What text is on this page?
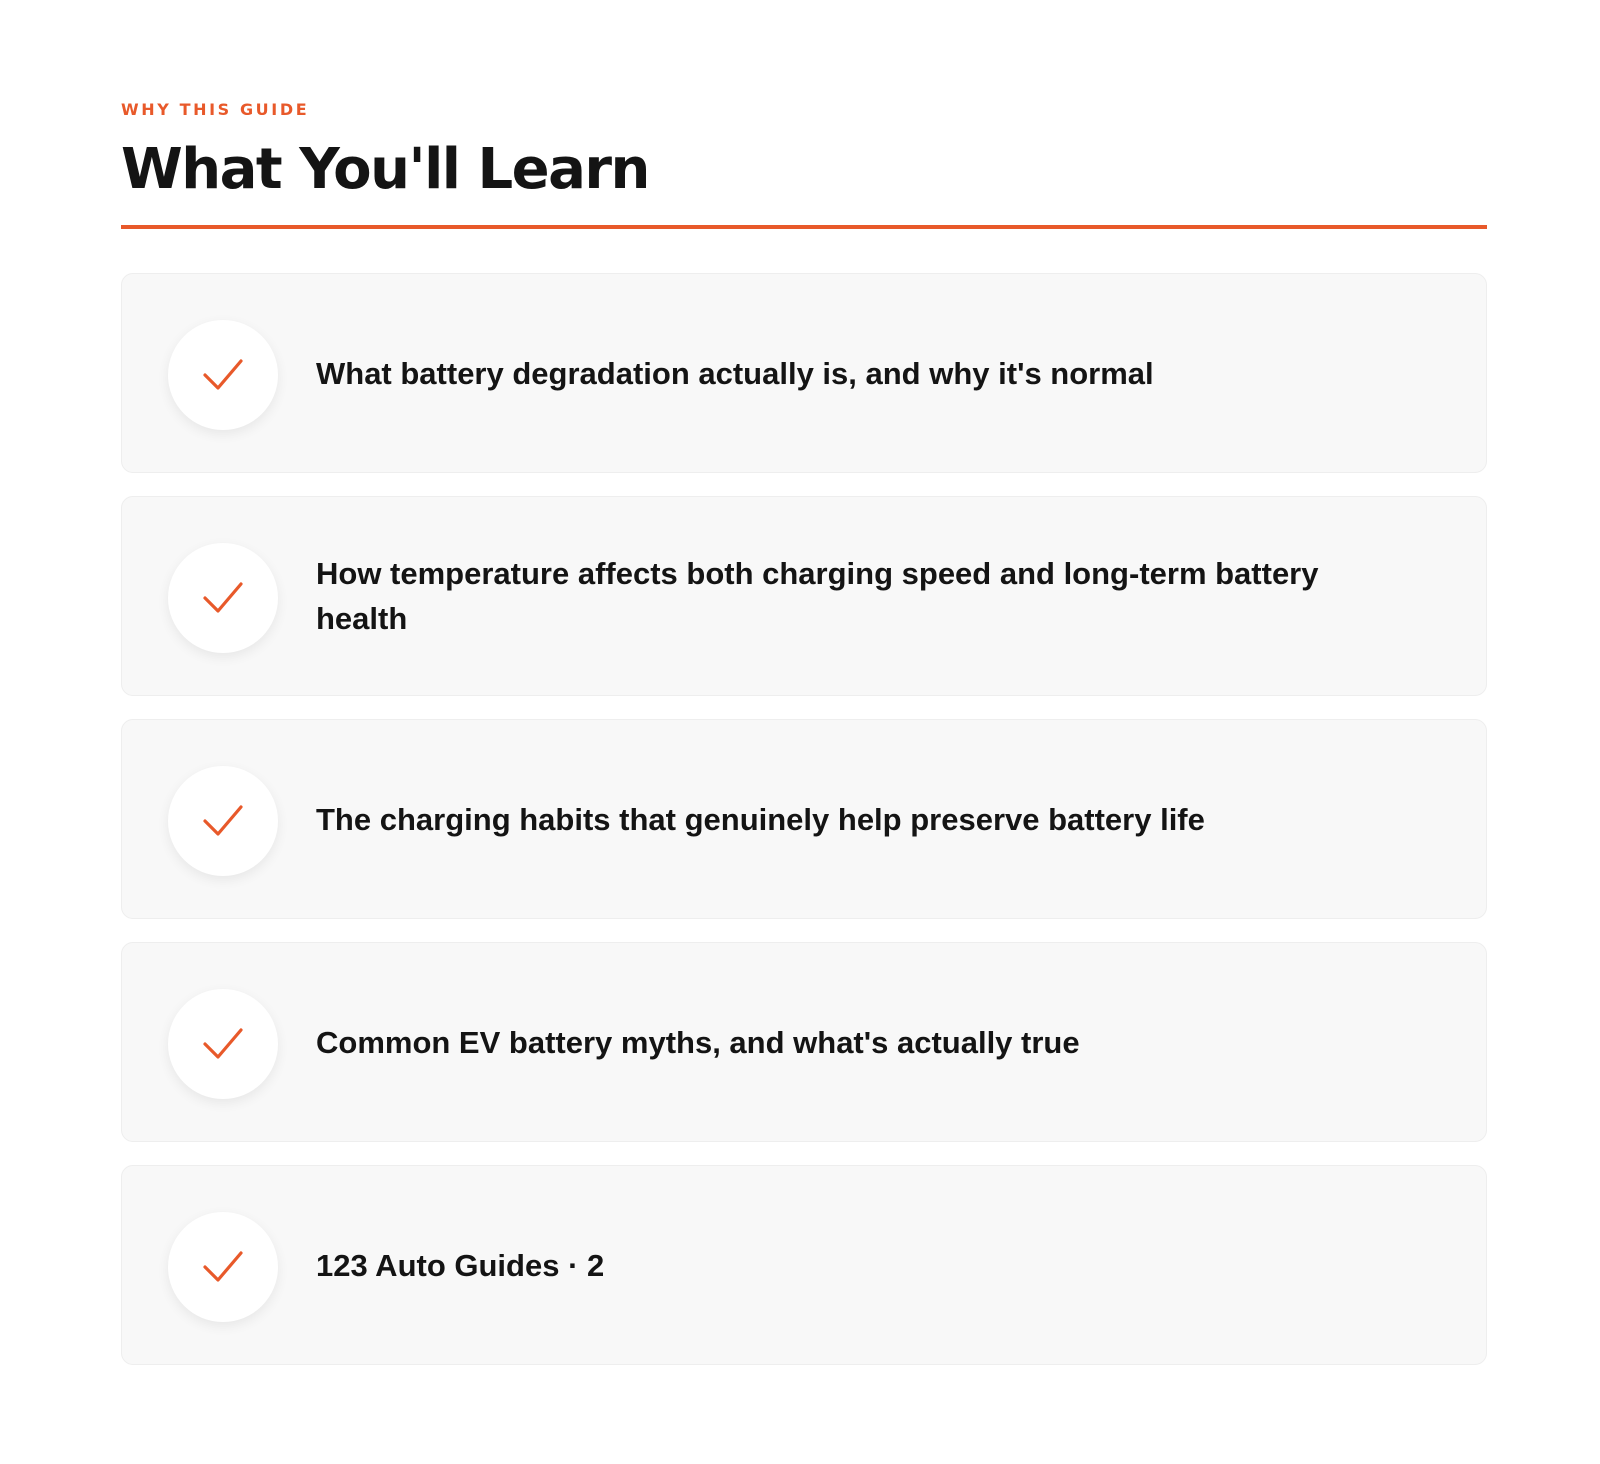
WHY THIS GUIDE
What You'll Learn
What battery degradation actually is, and why it's normal
How temperature affects both charging speed and long-term battery health
The charging habits that genuinely help preserve battery life
Common EV battery myths, and what's actually true
123 Auto Guides · 2
